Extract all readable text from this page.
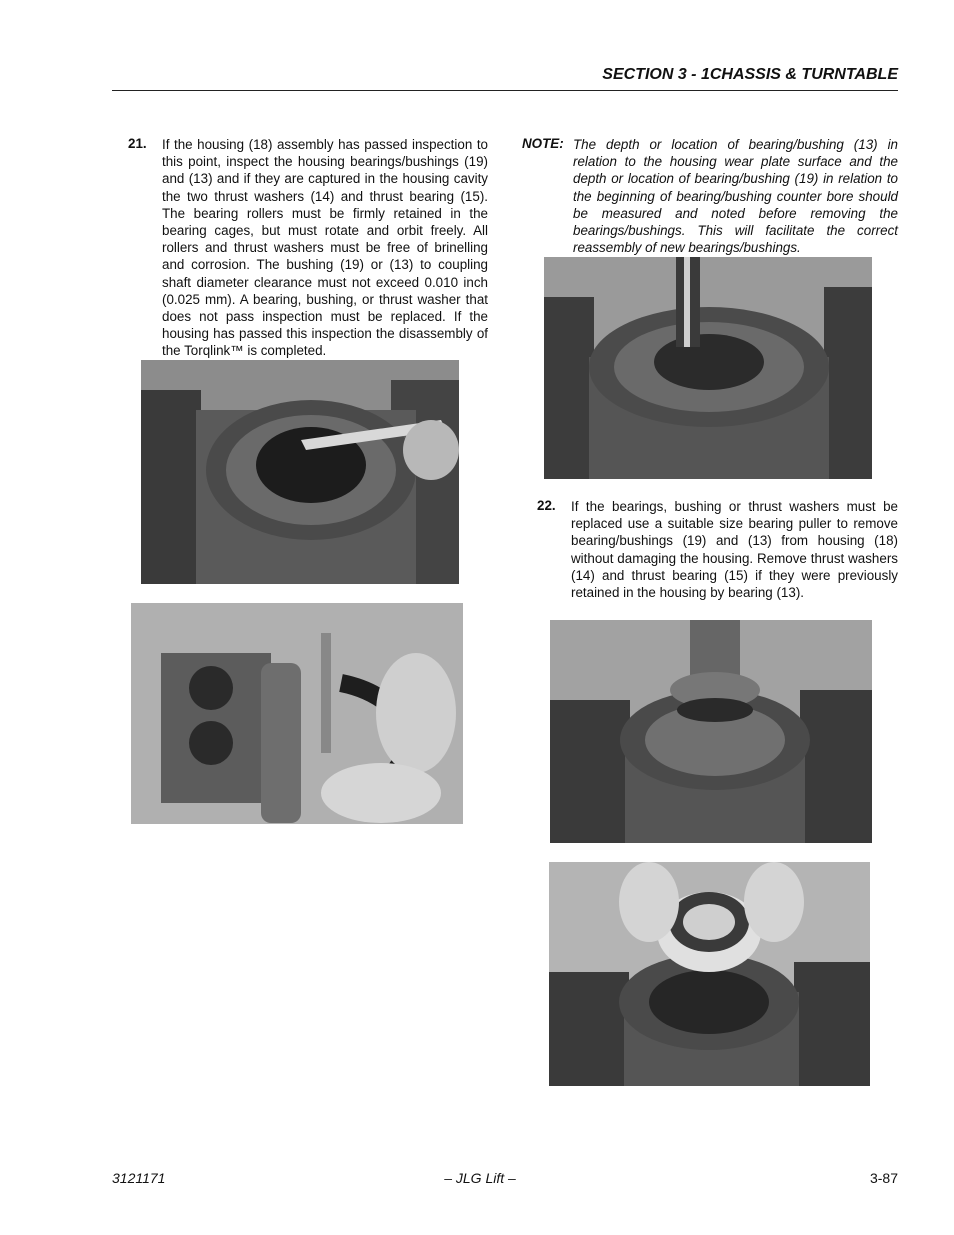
SECTION 3 - 1CHASSIS & TURNTABLE
21. If the housing (18) assembly has passed inspection to this point, inspect the housing bearings/bushings (19) and (13) and if they are captured in the housing cavity the two thrust washers (14) and thrust bearing (15). The bearing rollers must be firmly retained in the bearing cages, but must rotate and orbit freely. All rollers and thrust washers must be free of brinelling and corrosion. The bushing (19) or (13) to coupling shaft diameter clearance must not exceed 0.010 inch (0.025 mm). A bearing, bushing, or thrust washer that does not pass inspection must be replaced. If the housing has passed this inspection the disassembly of the Torqlink™ is completed.
NOTE: The depth or location of bearing/bushing (13) in relation to the housing wear plate surface and the depth or location of bearing/bushing (19) in relation to the beginning of bearing/bushing counter bore should be measured and noted before removing the bearings/bushings. This will facilitate the correct reassembly of new bearings/bushings.
22. If the bearings, bushing or thrust washers must be replaced use a suitable size bearing puller to remove bearing/bushings (19) and (13) from housing (18) without damaging the housing. Remove thrust washers (14) and thrust bearing (15) if they were previously retained in the housing by bearing (13).
3121171	– JLG Lift –	3-87
